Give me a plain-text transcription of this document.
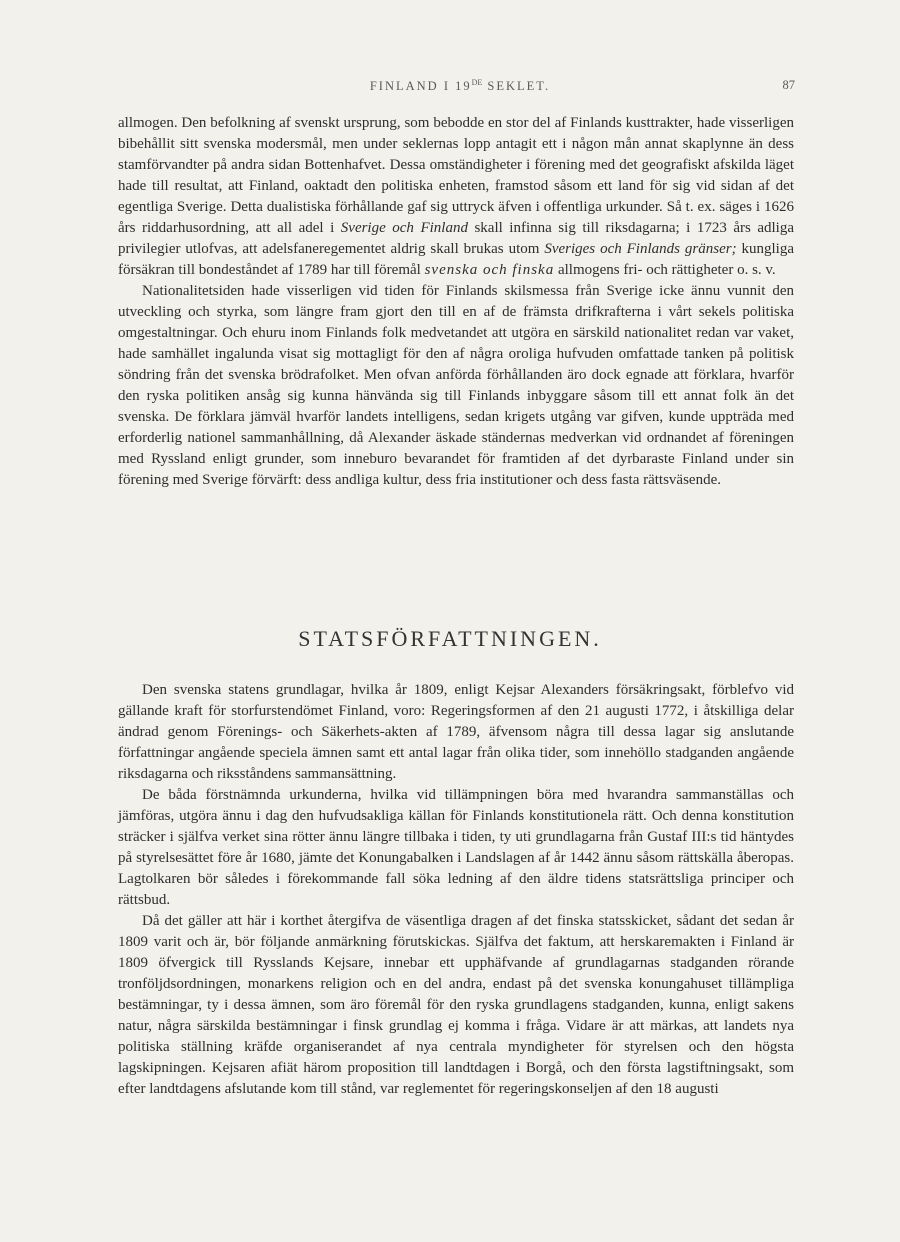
FINLAND I 19DE SEKLET.	87

allmogen. Den befolkning af svenskt ursprung, som bebodde en stor del af Finlands kusttrakter, hade visserligen bibehållit sitt svenska modersmål, men under seklernas lopp antagit ett i någon mån annat skaplynne än dess stamförvandter på andra sidan Bottenhafvet. Dessa omständigheter i förening med det geografiskt afskilda läget hade till resultat, att Finland, oaktadt den politiska enheten, framstod såsom ett land för sig vid sidan af det egentliga Sverige. Detta dualistiska förhållande gaf sig uttryck äfven i offentliga urkunder. Så t. ex. säges i 1626 års riddarhusordning, att all adel i Sverige och Finland skall infinna sig till riksdagarna; i 1723 års adliga privilegier utlofvas, att adelsfaneregementet aldrig skall brukas utom Sveriges och Finlands gränser; kungliga försäkran till bondeståndet af 1789 har till föremål svenska och finska allmogens fri- och rättigheter o. s. v.

Nationalitetsiden hade visserligen vid tiden för Finlands skilsmessa från Sverige icke ännu vunnit den utveckling och styrka, som längre fram gjort den till en af de främsta drifkrafterna i vårt sekels politiska omgestaltningar. Och ehuru inom Finlands folk medvetandet att utgöra en särskild nationalitet redan var vaket, hade samhället ingalunda visat sig mottagligt för den af några oroliga hufvuden omfattade tanken på politisk söndring från det svenska brödrafolket. Men ofvan anförda förhållanden äro dock egnade att förklara, hvarför den ryska politiken ansåg sig kunna hänvända sig till Finlands inbyggare såsom till ett annat folk än det svenska. De förklara jämväl hvarför landets intelligens, sedan krigets utgång var gifven, kunde uppträda med erforderlig nationel sammanhållning, då Alexander äskade ständernas medverkan vid ordnandet af föreningen med Ryssland enligt grunder, som inneburo bevarandet för framtiden af det dyrbaraste Finland under sin förening med Sverige förvärft: dess andliga kultur, dess fria institutioner och dess fasta rättsväsende.

STATSFÖRFATTNINGEN.

Den svenska statens grundlagar, hvilka år 1809, enligt Kejsar Alexanders försäkringsakt, förblefvo vid gällande kraft för storfurstendömet Finland, voro: Regeringsformen af den 21 augusti 1772, i åtskilliga delar ändrad genom Förenings- och Säkerhets-akten af 1789, äfvensom några till dessa lagar sig anslutande författningar angående speciela ämnen samt ett antal lagar från olika tider, som innehöllo stadganden angående riksdagarna och riksståndens sammansättning.

De båda förstnämnda urkunderna, hvilka vid tillämpningen böra med hvarandra sammanställas och jämföras, utgöra ännu i dag den hufvudsakliga källan för Finlands konstitutionela rätt. Och denna konstitution sträcker i själfva verket sina rötter ännu längre tillbaka i tiden, ty uti grundlagarna från Gustaf III:s tid häntydes på styrelsesättet före år 1680, jämte det Konungabalken i Landslagen af år 1442 ännu såsom rättskälla åberopas. Lagtolkaren bör således i förekommande fall söka ledning af den äldre tidens statsrättsliga principer och rättsbud.

Då det gäller att här i korthet återgifva de väsentliga dragen af det finska statsskicket, sådant det sedan år 1809 varit och är, bör följande anmärkning förutskickas. Själfva det faktum, att herskaremakten i Finland är 1809 öfvergick till Rysslands Kejsare, innebar ett upphäfvande af grundlagarnas stadganden rörande tronföljdsordningen, monarkens religion och en del andra, endast på det svenska konungahuset tillämpliga bestämningar, ty i dessa ämnen, som äro föremål för den ryska grundlagens stadganden, kunna, enligt sakens natur, några särskilda bestämningar i finsk grundlag ej komma i fråga. Vidare är att märkas, att landets nya politiska ställning kräfde organiserandet af nya centrala myndigheter för styrelsen och den högsta lagskipningen. Kejsaren afiät härom proposition till landtdagen i Borgå, och den första lagstiftningsakt, som efter landtdagens afslutande kom till stånd, var reglementet för regeringskonseljen af den 18 augusti
